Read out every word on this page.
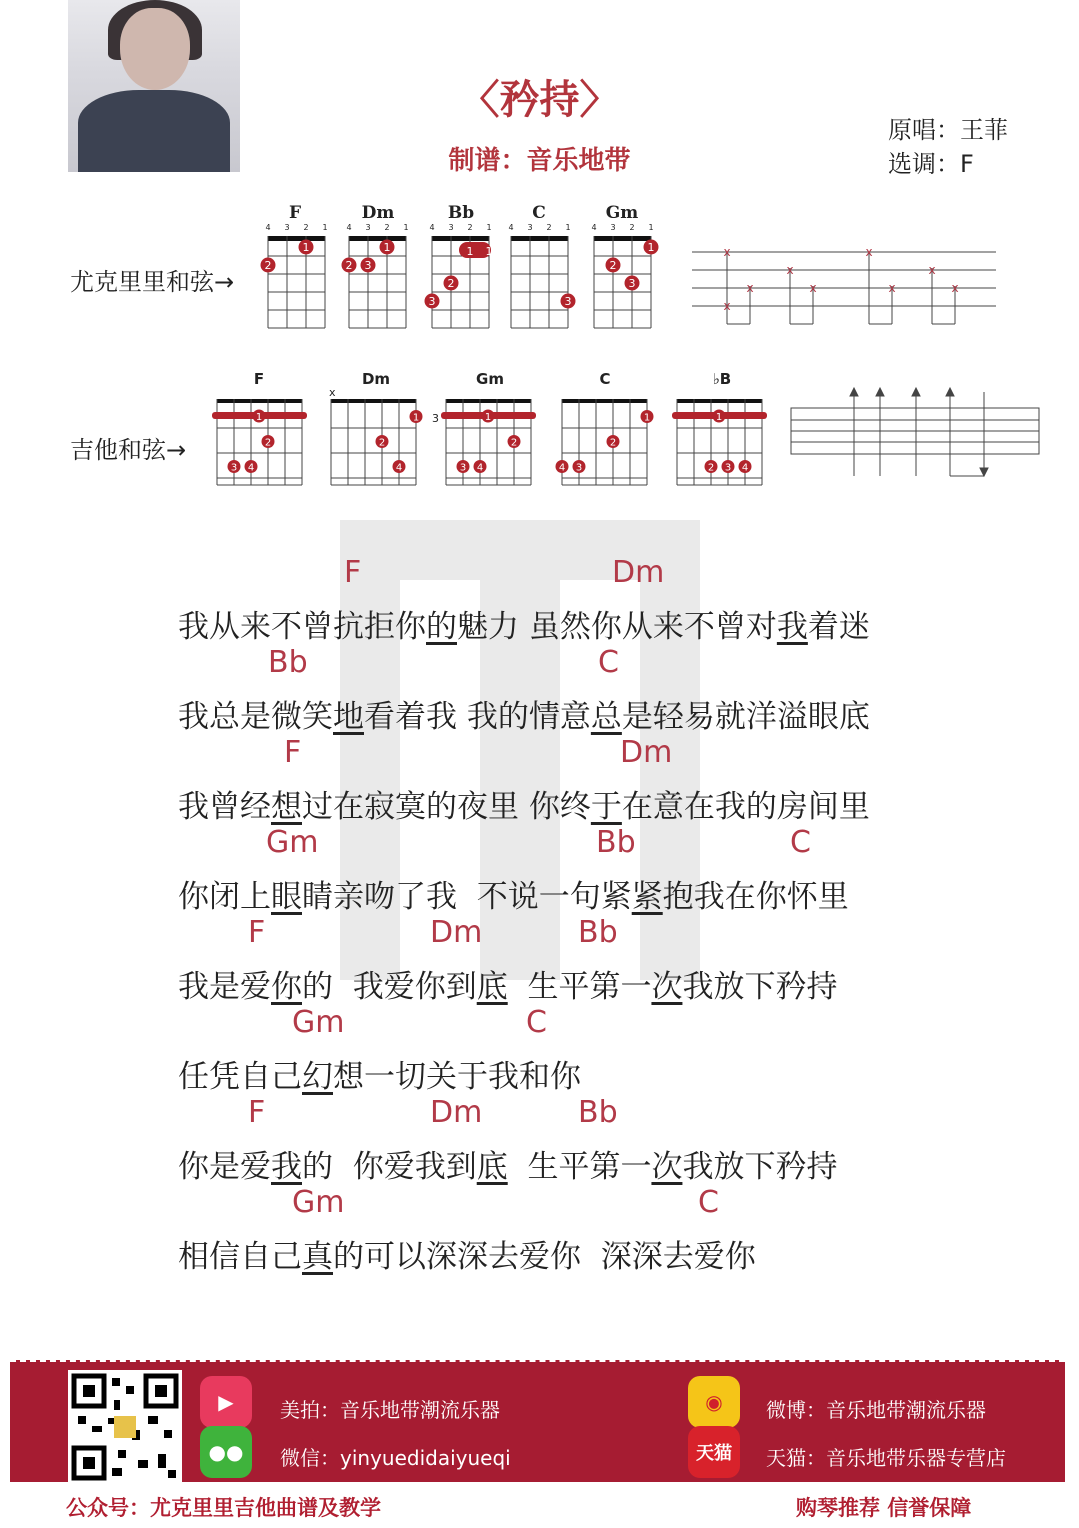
〈矜持〉
制谱：音乐地带
原唱：王菲
选调：F
尤克里里和弦→
F	Dm	Bb	C	Gm
4 3 2 1
1
2
4 3 2 1
1
2 3
4 3 2 1
1 1
2
3
4 3 2 1
3
4 3 2 1
1
2
3
x
x
x
x
x
x
x
x
x
吉他和弦→
F	Dm	Gm	C	♭B
x
3
1
2
3 4
1
2
4
1
2
3 4
1
2
3
4
1
2 3 4
F	Dm
我从来不曾抗拒你的魅力 虽然你从来不曾对我着迷
Bb	C
我总是微笑地看着我 我的情意总是轻易就洋溢眼底
F	Dm
我曾经想过在寂寞的夜里 你终于在意在我的房间里
Gm	Bb	C
你闭上眼睛亲吻了我 不说一句紧紧抱我在你怀里
F	Dm	Bb
我是爱你的 我爱你到底 生平第一次我放下矜持
Gm	C
任凭自己幻想一切关于我和你
F	Dm	Bb
你是爱我的 你爱我到底 生平第一次我放下矜持
Gm	C
相信自己真的可以深深去爱你 深深去爱你
▶
●●
美拍：音乐地带潮流乐器
微信：yinyuedidaiyueqi
◉
天猫
微博：音乐地带潮流乐器
天猫：音乐地带乐器专营店
公众号：尤克里里吉他曲谱及教学	购琴推荐 信誉保障
